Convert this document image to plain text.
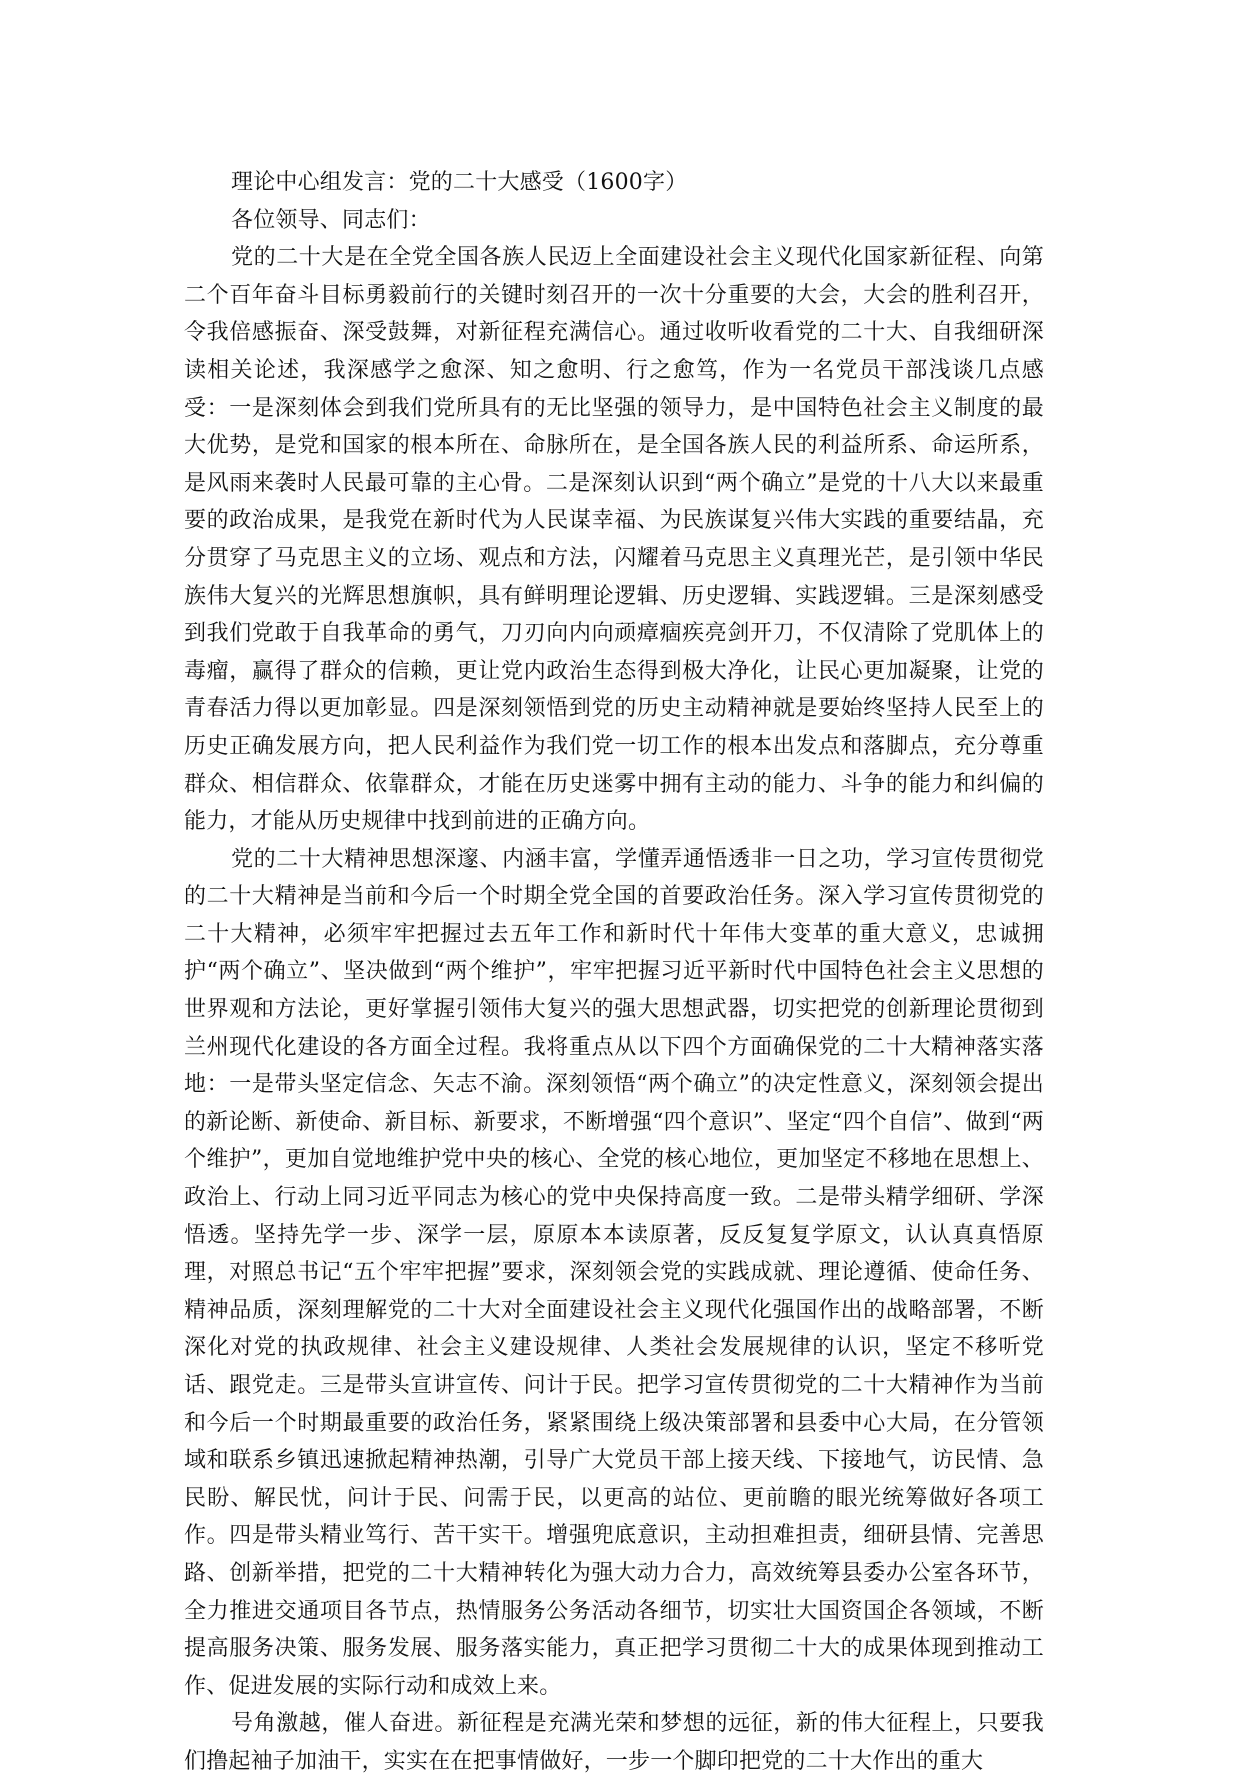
理论中心组发言：党的二十大感受（1600字）

各位领导、同志们：

党的二十大是在全党全国各族人民迈上全面建设社会主义现代化国家新征程、向第二个百年奋斗目标勇毅前行的关键时刻召开的一次十分重要的大会，大会的胜利召开，令我倍感振奋、深受鼓舞，对新征程充满信心。通过收听收看党的二十大、自我细研深读相关论述，我深感学之愈深、知之愈明、行之愈笃，作为一名党员干部浅谈几点感受：一是深刻体会到我们党所具有的无比坚强的领导力，是中国特色社会主义制度的最大优势，是党和国家的根本所在、命脉所在，是全国各族人民的利益所系、命运所系，是风雨来袭时人民最可靠的主心骨。二是深刻认识到“两个确立”是党的十八大以来最重要的政治成果，是我党在新时代为人民谋幸福、为民族谋复兴伟大实践的重要结晶，充分贯穿了马克思主义的立场、观点和方法，闪耀着马克思主义真理光芒，是引领中华民族伟大复兴的光辉思想旗帜，具有鲜明理论逻辑、历史逻辑、实践逻辑。三是深刻感受到我们党敢于自我革命的勇气，刀刃向内向顽瘴痼疾亮剑开刀，不仅清除了党肌体上的毒瘤，赢得了群众的信赖，更让党内政治生态得到极大净化，让民心更加凝聚，让党的青春活力得以更加彰显。四是深刻领悟到党的历史主动精神就是要始终坚持人民至上的历史正确发展方向，把人民利益作为我们党一切工作的根本出发点和落脚点，充分尊重群众、相信群众、依靠群众，才能在历史迷雾中拥有主动的能力、斗争的能力和纠偏的能力，才能从历史规律中找到前进的正确方向。

党的二十大精神思想深邃、内涵丰富，学懂弄通悟透非一日之功，学习宣传贯彻党的二十大精神是当前和今后一个时期全党全国的首要政治任务。深入学习宣传贯彻党的二十大精神，必须牢牢把握过去五年工作和新时代十年伟大变革的重大意义，忠诚拥护“两个确立”、坚决做到“两个维护”，牢牢把握习近平新时代中国特色社会主义思想的世界观和方法论，更好掌握引领伟大复兴的强大思想武器，切实把党的创新理论贯彻到兰州现代化建设的各方面全过程。我将重点从以下四个方面确保党的二十大精神落实落地：一是带头坚定信念、矢志不渝。深刻领悟“两个确立”的决定性意义，深刻领会提出的新论断、新使命、新目标、新要求，不断增强“四个意识”、坚定“四个自信”、做到“两个维护”，更加自觉地维护党中央的核心、全党的核心地位，更加坚定不移地在思想上、政治上、行动上同习近平同志为核心的党中央保持高度一致。二是带头精学细研、学深悟透。坚持先学一步、深学一层，原原本本读原著，反反复复学原文，认认真真悟原理，对照总书记“五个牢牢把握”要求，深刻领会党的实践成就、理论遵循、使命任务、精神品质，深刻理解党的二十大对全面建设社会主义现代化强国作出的战略部署，不断深化对党的执政规律、社会主义建设规律、人类社会发展规律的认识，坚定不移听党话、跟党走。三是带头宣讲宣传、问计于民。把学习宣传贯彻党的二十大精神作为当前和今后一个时期最重要的政治任务，紧紧围绕上级决策部署和县委中心大局，在分管领域和联系乡镇迅速掀起精神热潮，引导广大党员干部上接天线、下接地气，访民情、急民盼、解民忧，问计于民、问需于民，以更高的站位、更前瞻的眼光统筹做好各项工作。四是带头精业笃行、苦干实干。增强兜底意识，主动担难担责，细研县情、完善思路、创新举措，把党的二十大精神转化为强大动力合力，高效统筹县委办公室各环节，全力推进交通项目各节点，热情服务公务活动各细节，切实壮大国资国企各领域，不断提高服务决策、服务发展、服务落实能力，真正把学习贯彻二十大的成果体现到推动工作、促进发展的实际行动和成效上来。

号角激越，催人奋进。新征程是充满光荣和梦想的远征，新的伟大征程上，只要我们撸起袖子加油干，实实在在把事情做好，一步一个脚印把党的二十大作出的重大
